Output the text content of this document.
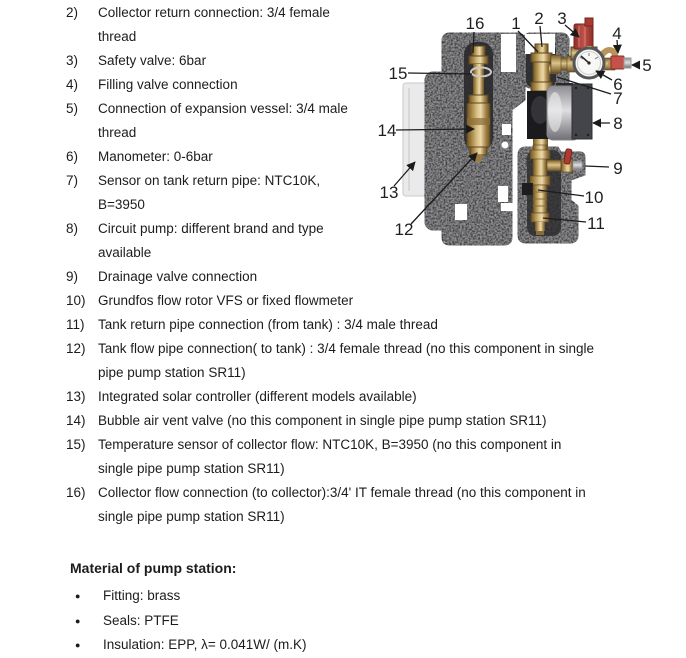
2)	Collector return connection: 3/4 female
thread
3)	Safety valve: 6bar
4)	Filling valve connection
5)	Connection of expansion vessel: 3/4 male
thread
6)	Manometer: 0-6bar
7)	Sensor on tank return pipe: NTC10K,
B=3950
8)	Circuit pump: different brand and type
available
9)	Drainage valve connection
10) Grundfos flow rotor VFS or fixed flowmeter
11) Tank return pipe connection (from tank) : 3/4 male thread
12) Tank flow pipe connection( to tank) : 3/4 female thread (no this component in single
pipe pump station SR11)
13) Integrated solar controller (different models available)
14) Bubble air vent valve (no this component in single pipe pump station SR11)
15) Temperature sensor of collector flow: NTC10K, B=3950 (no this component in
single pipe pump station SR11)
16) Collector flow connection (to collector):3/4' IT female thread (no this component in
single pipe pump station SR11)
Material of pump station:
●	Fitting: brass
●	Seals: PTFE
●	Insulation: EPP, λ= 0.041W/ (m.K)
1 2 3
4
5
6
7
8
9
10
11
12
13
14
15
16
